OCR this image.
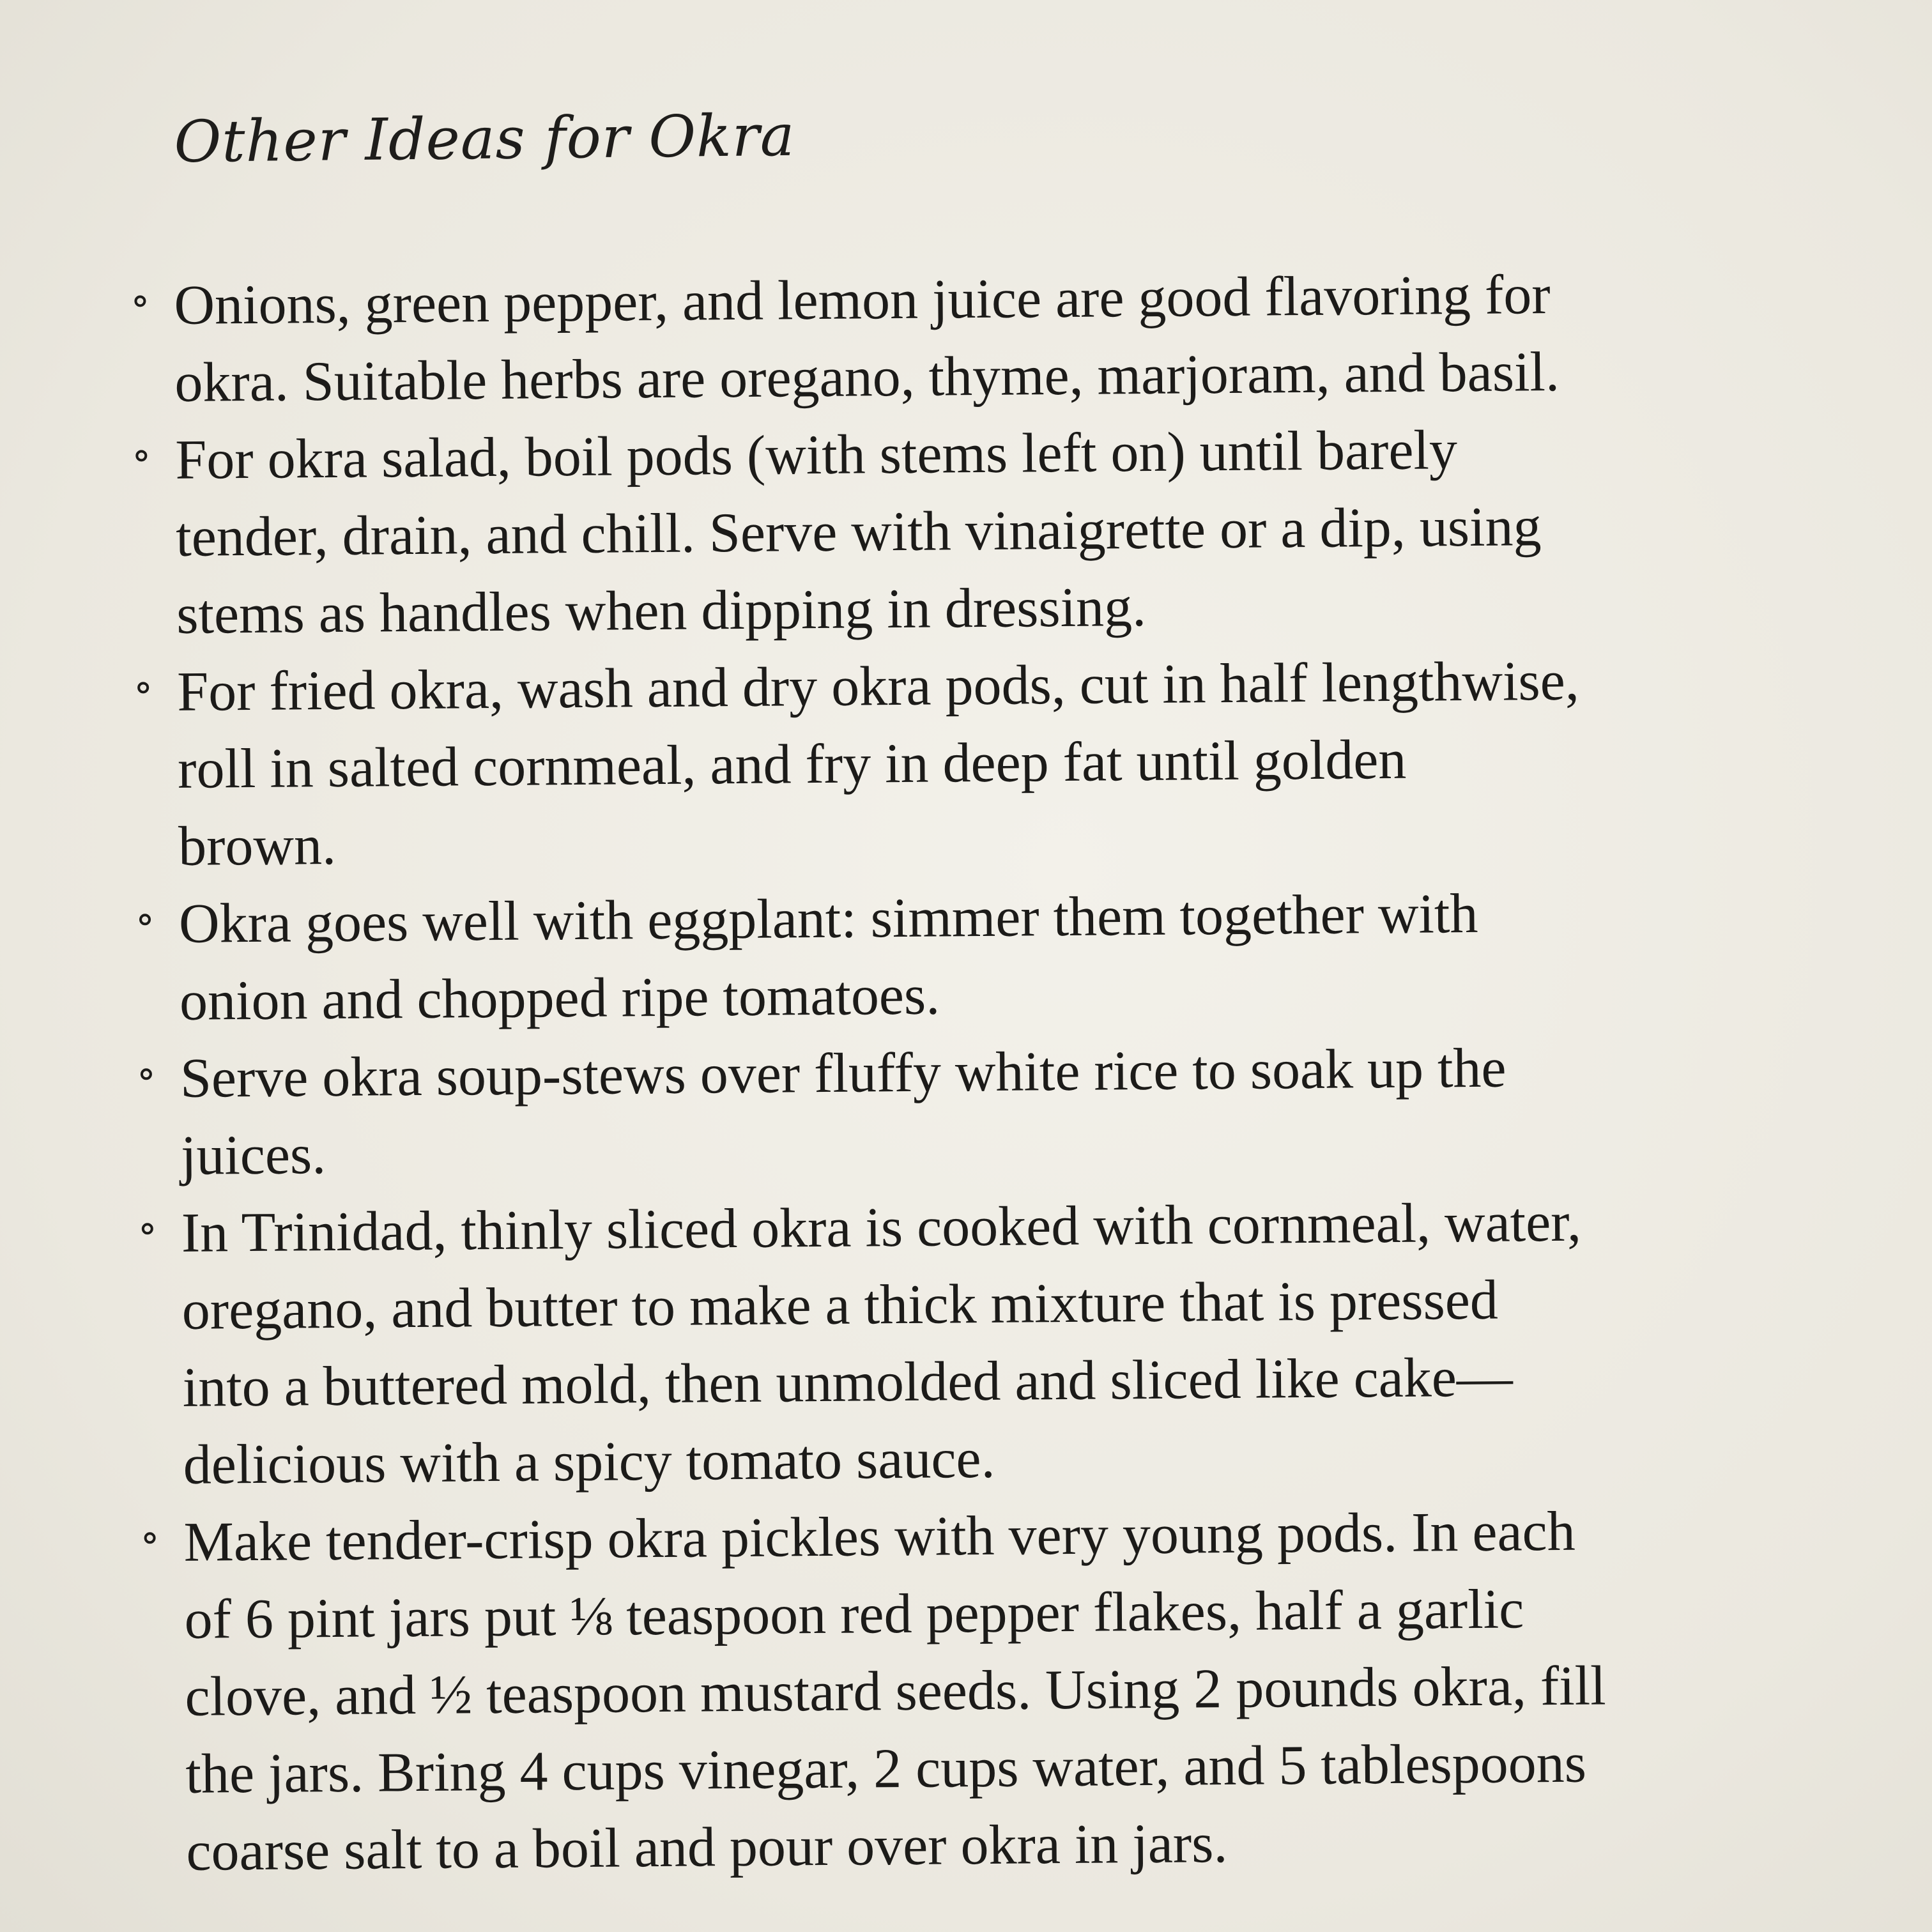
Other Ideas for Okra
Onions, green pepper, and lemon juice are good flavoring for
okra. Suitable herbs are oregano, thyme, marjoram, and basil.
For okra salad, boil pods (with stems left on) until barely
tender, drain, and chill. Serve with vinaigrette or a dip, using
stems as handles when dipping in dressing.
For fried okra, wash and dry okra pods, cut in half lengthwise,
roll in salted cornmeal, and fry in deep fat until golden
brown.
Okra goes well with eggplant: simmer them together with
onion and chopped ripe tomatoes.
Serve okra soup-stews over fluffy white rice to soak up the
juices.
In Trinidad, thinly sliced okra is cooked with cornmeal, water,
oregano, and butter to make a thick mixture that is pressed
into a buttered mold, then unmolded and sliced like cake—
delicious with a spicy tomato sauce.
Make tender-crisp okra pickles with very young pods. In each
of 6 pint jars put ⅛ teaspoon red pepper flakes, half a garlic
clove, and ½ teaspoon mustard seeds. Using 2 pounds okra, fill
the jars. Bring 4 cups vinegar, 2 cups water, and 5 tablespoons
coarse salt to a boil and pour over okra in jars.
